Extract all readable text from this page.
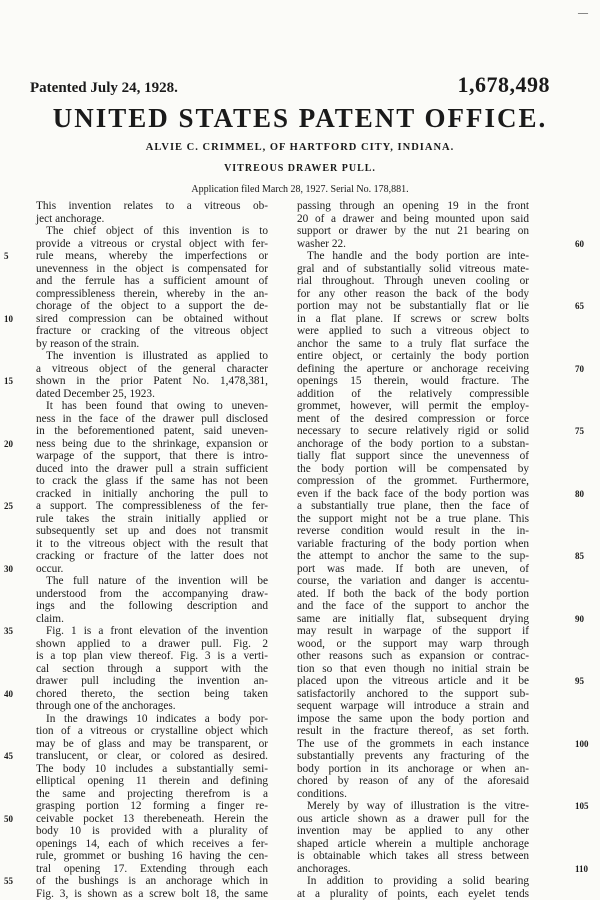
—
Patented July 24, 1928.	1,678,498
UNITED STATES PATENT OFFICE.
ALVIE C. CRIMMEL, OF HARTFORD CITY, INDIANA.
VITREOUS DRAWER PULL.
Application filed March 28, 1927. Serial No. 178,881.
This invention relates to a vitreous ob-
ject anchorage.
The chief object of this invention is to
provide a vitreous or crystal object with fer-
rule means, whereby the imperfections or
unevenness in the object is compensated for
and the ferrule has a sufficient amount of
compressibleness therein, whereby in the an-
chorage of the object to a support the de-
sired compression can be obtained without
fracture or cracking of the vitreous object
by reason of the strain.
The invention is illustrated as applied to
a vitreous object of the general character
shown in the prior Patent No. 1,478,381,
dated December 25, 1923.
It has been found that owing to uneven-
ness in the face of the drawer pull disclosed
in the beforementioned patent, said uneven-
ness being due to the shrinkage, expansion or
warpage of the support, that there is intro-
duced into the drawer pull a strain sufficient
to crack the glass if the same has not been
cracked in initially anchoring the pull to
a support. The compressibleness of the fer-
rule takes the strain initially applied or
subsequently set up and does not transmit
it to the vitreous object with the result that
cracking or fracture of the latter does not
occur.
The full nature of the invention will be
understood from the accompanying draw-
ings and the following description and
claim.
Fig. 1 is a front elevation of the invention
shown applied to a drawer pull. Fig. 2
is a top plan view thereof. Fig. 3 is a verti-
cal section through a support with the
drawer pull including the invention an-
chored thereto, the section being taken
through one of the anchorages.
In the drawings 10 indicates a body por-
tion of a vitreous or crystalline object which
may be of glass and may be transparent, or
translucent, or clear, or colored as desired.
The body 10 includes a substantially semi-
elliptical opening 11 therein and defining
the same and projecting therefrom is a
grasping portion 12 forming a finger re-
ceivable pocket 13 therebeneath. Herein the
body 10 is provided with a plurality of
openings 14, each of which receives a fer-
rule, grommet or bushing 16 having the cen-
tral opening 17. Extending through each
of the bushings is an anchorage which in
Fig. 3, is shown as a screw bolt 18, the same
passing through an opening 19 in the front
20 of a drawer and being mounted upon said
support or drawer by the nut 21 bearing on
washer 22.
The handle and the body portion are inte-
gral and of substantially solid vitreous mate-
rial throughout. Through uneven cooling or
for any other reason the back of the body
portion may not be substantially flat or lie
in a flat plane. If screws or screw bolts
were applied to such a vitreous object to
anchor the same to a truly flat surface the
entire object, or certainly the body portion
defining the aperture or anchorage receiving
openings 15 therein, would fracture. The
addition of the relatively compressible
grommet, however, will permit the employ-
ment of the desired compression or force
necessary to secure relatively rigid or solid
anchorage of the body portion to a substan-
tially flat support since the unevenness of
the body portion will be compensated by
compression of the grommet. Furthermore,
even if the back face of the body portion was
a substantially true plane, then the face of
the support might not be a true plane. This
reverse condition would result in the in-
variable fracturing of the body portion when
the attempt to anchor the same to the sup-
port was made. If both are uneven, of
course, the variation and danger is accentu-
ated. If both the back of the body portion
and the face of the support to anchor the
same are initially flat, subsequent drying
may result in warpage of the support if
wood, or the support may warp through
other reasons such as expansion or contrac-
tion so that even though no initial strain be
placed upon the vitreous article and it be
satisfactorily anchored to the support sub-
sequent warpage will introduce a strain and
impose the same upon the body portion and
result in the fracture thereof, as set forth.
The use of the grommets in each instance
substantially prevents any fracturing of the
body portion in its anchorage or when an-
chored by reason of any of the aforesaid
conditions.
Merely by way of illustration is the vitre-
ous article shown as a drawer pull for the
invention may be applied to any other
shaped article wherein a multiple anchorage
is obtainable which takes all stress between
anchorages.
In addition to providing a solid bearing
at a plurality of points, each eyelet tends
5
10
15
20
25
30
35
40
45
50
55
60
65
70
75
80
85
90
95
100
105
110
